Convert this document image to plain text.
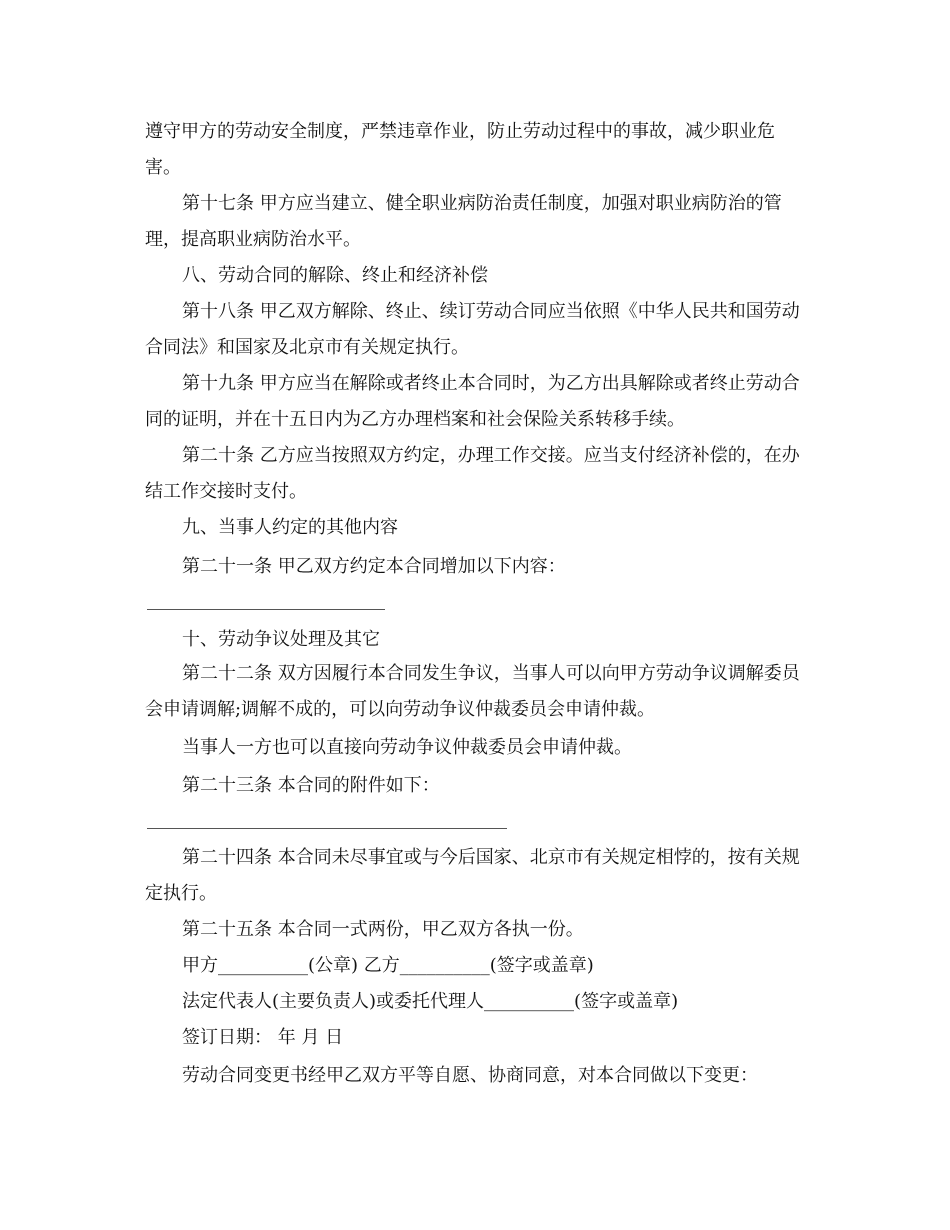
遵守甲方的劳动安全制度，严禁违章作业，防止劳动过程中的事故，减少职业危害。

第十七条 甲方应当建立、健全职业病防治责任制度，加强对职业病防治的管理，提高职业病防治水平。

八、劳动合同的解除、终止和经济补偿

第十八条 甲乙双方解除、终止、续订劳动合同应当依照《中华人民共和国劳动合同法》和国家及北京市有关规定执行。

第十九条 甲方应当在解除或者终止本合同时，为乙方出具解除或者终止劳动合同的证明，并在十五日内为乙方办理档案和社会保险关系转移手续。

第二十条 乙方应当按照双方约定，办理工作交接。应当支付经济补偿的，在办结工作交接时支付。

九、当事人约定的其他内容

第二十一条 甲乙双方约定本合同增加以下内容：

十、劳动争议处理及其它

第二十二条 双方因履行本合同发生争议，当事人可以向甲方劳动争议调解委员会申请调解;调解不成的，可以向劳动争议仲裁委员会申请仲裁。

当事人一方也可以直接向劳动争议仲裁委员会申请仲裁。

第二十三条 本合同的附件如下：

第二十四条 本合同未尽事宜或与今后国家、北京市有关规定相悖的，按有关规定执行。

第二十五条 本合同一式两份，甲乙双方各执一份。

甲方__________(公章) 乙方__________(签字或盖章)

法定代表人(主要负责人)或委托代理人__________(签字或盖章)

签订日期： 年 月 日

劳动合同变更书经甲乙双方平等自愿、协商同意，对本合同做以下变更：
